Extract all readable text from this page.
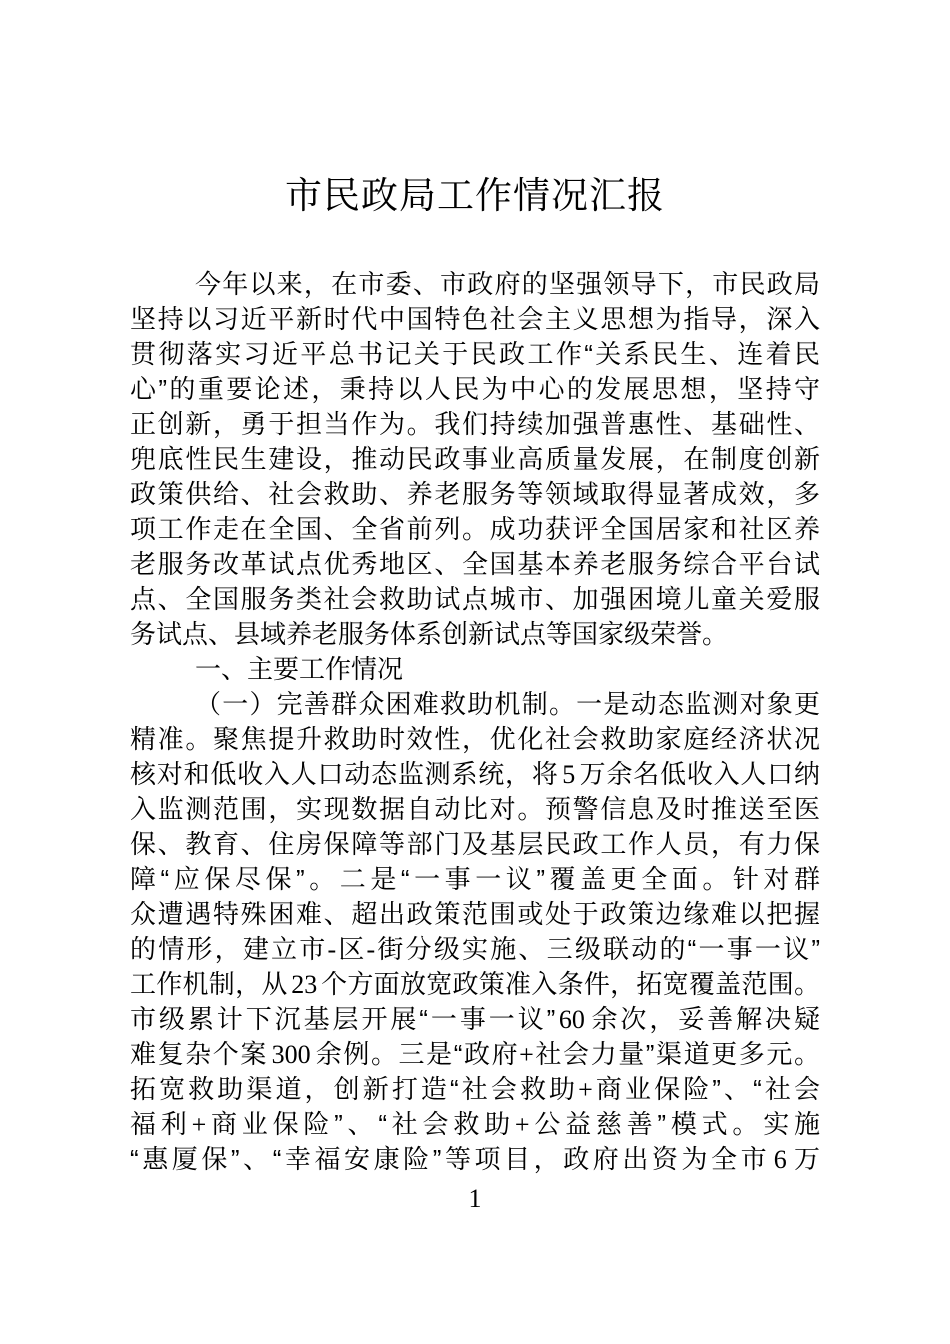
市民政局工作情况汇报
今年以来，在市委、市政府的坚强领导下，市民政局
坚持以习近平新时代中国特色社会主义思想为指导，深入
贯彻落实习近平总书记关于民政工作“关系民生、连着民
心”的重要论述，秉持以人民为中心的发展思想，坚持守
正创新，勇于担当作为。我们持续加强普惠性、基础性、
兜底性民生建设，推动民政事业高质量发展，在制度创新
政策供给、社会救助、养老服务等领域取得显著成效，多
项工作走在全国、全省前列。成功获评全国居家和社区养
老服务改革试点优秀地区、全国基本养老服务综合平台试
点、全国服务类社会救助试点城市、加强困境儿童关爱服
务试点、县域养老服务体系创新试点等国家级荣誉。
一、主要工作情况
（一）完善群众困难救助机制。一是动态监测对象更
精准。聚焦提升救助时效性，优化社会救助家庭经济状况
核对和低收入人口动态监测系统，将 5 万余名低收入人口纳
入监测范围，实现数据自动比对。预警信息及时推送至医
保、教育、住房保障等部门及基层民政工作人员，有力保
障“应保尽保”。二是“一事一议”覆盖更全面。针对群
众遭遇特殊困难、超出政策范围或处于政策边缘难以把握
的情形，建立市-区-街分级实施、三级联动的“一事一议”
工作机制，从 23 个方面放宽政策准入条件，拓宽覆盖范围。
市级累计下沉基层开展“一事一议” 60 余次，妥善解决疑
难复杂个案 300 余例。三是“政府+社会力量”渠道更多元。
拓宽救助渠道，创新打造“社会救助+商业保险”、“社会
福利+商业保险”、“社会救助+公益慈善”模式。实施
“惠厦保”、“幸福安康险”等项目，政府出资为全市 6 万
1
